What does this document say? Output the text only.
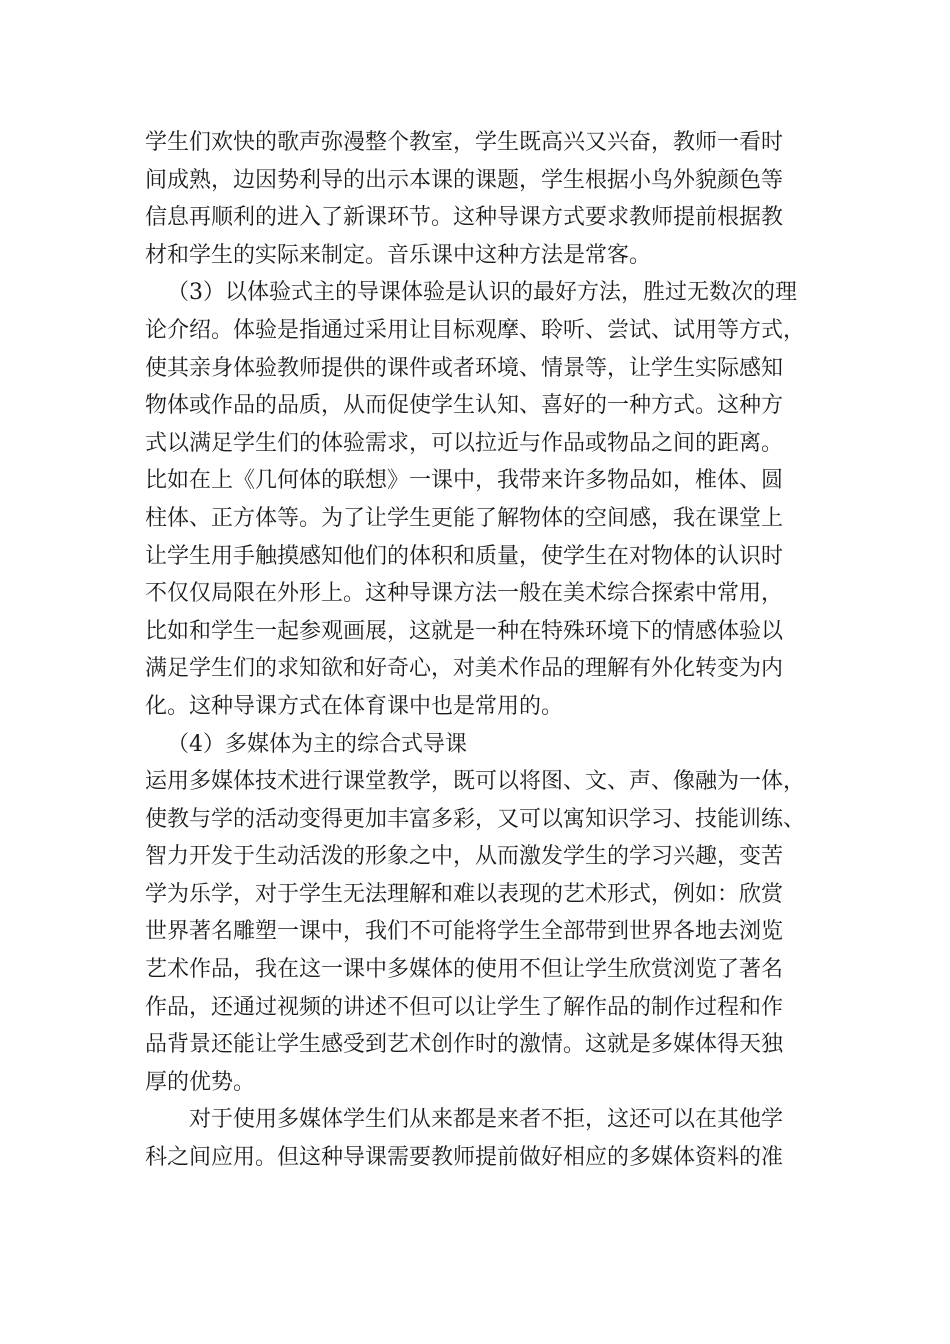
学生们欢快的歌声弥漫整个教室，学生既高兴又兴奋，教师一看时
间成熟，边因势利导的出示本课的课题，学生根据小鸟外貌颜色等
信息再顺利的进入了新课环节。这种导课方式要求教师提前根据教
材和学生的实际来制定。音乐课中这种方法是常客。
（3）以体验式主的导课体验是认识的最好方法，胜过无数次的理
论介绍。体验是指通过采用让目标观摩、聆听、尝试、试用等方式，
使其亲身体验教师提供的课件或者环境、情景等，让学生实际感知
物体或作品的品质，从而促使学生认知、喜好的一种方式。这种方
式以满足学生们的体验需求，可以拉近与作品或物品之间的距离。
比如在上《几何体的联想》一课中，我带来许多物品如，椎体、圆
柱体、正方体等。为了让学生更能了解物体的空间感，我在课堂上
让学生用手触摸感知他们的体积和质量，使学生在对物体的认识时
不仅仅局限在外形上。这种导课方法一般在美术综合探索中常用，
比如和学生一起参观画展，这就是一种在特殊环境下的情感体验以
满足学生们的求知欲和好奇心，对美术作品的理解有外化转变为内
化。这种导课方式在体育课中也是常用的。
（4）多媒体为主的综合式导课
运用多媒体技术进行课堂教学，既可以将图、文、声、像融为一体，
使教与学的活动变得更加丰富多彩，又可以寓知识学习、技能训练、
智力开发于生动活泼的形象之中，从而激发学生的学习兴趣，变苦
学为乐学，对于学生无法理解和难以表现的艺术形式，例如：欣赏
世界著名雕塑一课中，我们不可能将学生全部带到世界各地去浏览
艺术作品，我在这一课中多媒体的使用不但让学生欣赏浏览了著名
作品，还通过视频的讲述不但可以让学生了解作品的制作过程和作
品背景还能让学生感受到艺术创作时的激情。这就是多媒体得天独
厚的优势。
对于使用多媒体学生们从来都是来者不拒，这还可以在其他学
科之间应用。但这种导课需要教师提前做好相应的多媒体资料的准
